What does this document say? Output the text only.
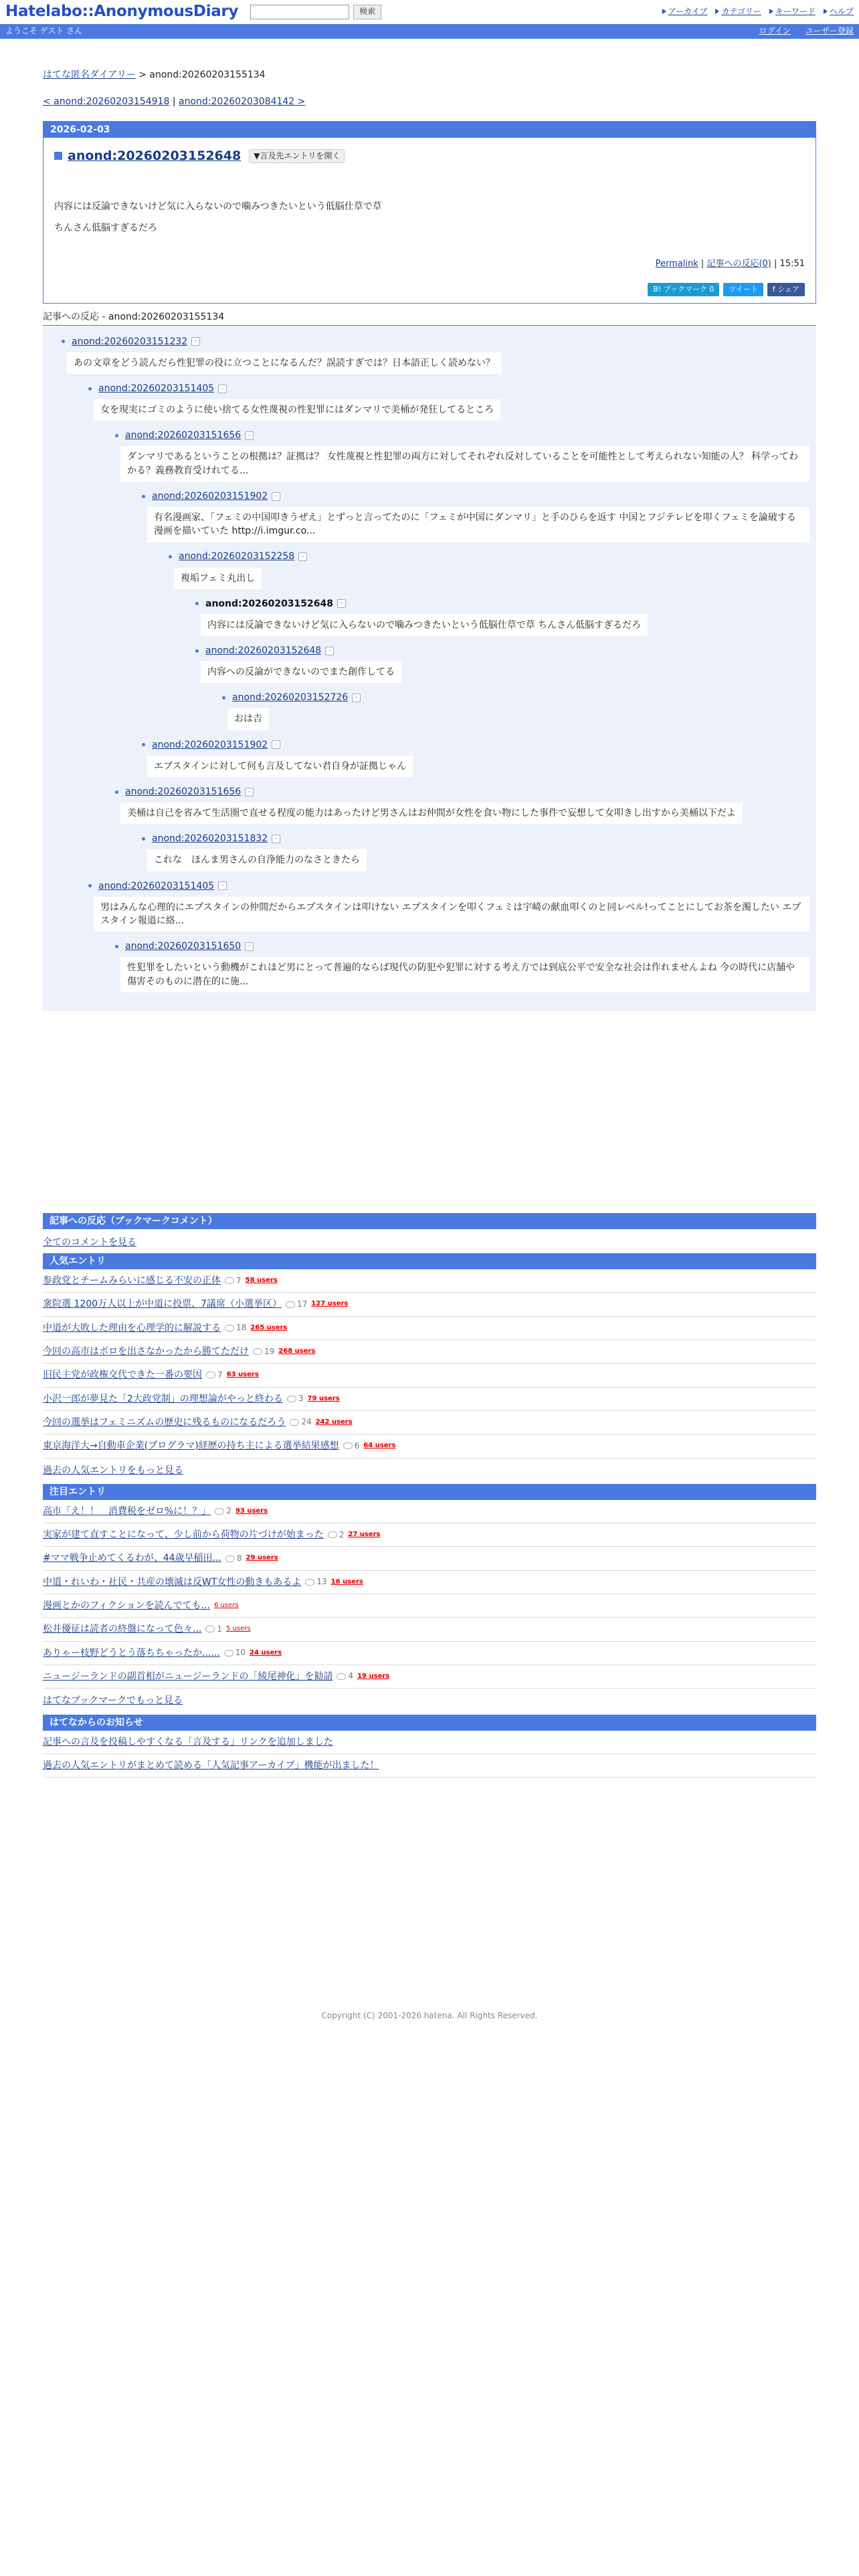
Hatelabo::AnonymousDiary	検索	アーカイブ	カテゴリー	キーワード	ヘルプ
ようこそ ゲスト さん	ログイン ユーザー登録
はてな匿名ダイアリー > anond:20260203155134
< anond:20260203154918 | anond:20260203084142 >
2026-02-03
anond:20260203152648	▼言及先エントリを開く

内容には反論できないけど気に入らないので噛みつきたいという低脳仕草で草

ちんさん低脳すぎるだろ

Permalink | 記事への反応(0) | 15:51
B! ブックマーク 0	ツイート	f シェア
記事への反応 - anond:20260203155134
anond:20260203151232	-
あの文章をどう読んだら性犯罪の役に立つことになるんだ？誤読すぎでは？日本語正しく読めない？
anond:20260203151405	-
女を現実にゴミのように使い捨てる女性蔑視の性犯罪にはダンマリで美桶が発狂してるところ
anond:20260203151656	-
ダンマリであるということの根拠は？証拠は？ 女性蔑視と性犯罪の両方に対してそれぞれ反対していることを可能性として考えられない知能の人？ 科学ってわかる？義務教育受けれてる...
anond:20260203151902	-
有名漫画家、「フェミの中国叩きうぜえ」とずっと言ってたのに「フェミが中国にダンマリ」と手のひらを返す 中国とフジテレビを叩くフェミを論破する漫画を描いていた http://i.imgur.co...
anond:20260203152258	-
複垢フェミ丸出し
anond:20260203152648	-
内容には反論できないけど気に入らないので噛みつきたいという低脳仕草で草 ちんさん低脳すぎるだろ
anond:20260203152648	-
内容への反論ができないのでまた創作してる
anond:20260203152726	-
おは𠮷
anond:20260203151902	-
エプスタインに対して何も言及してない君自身が証拠じゃん
anond:20260203151656	-
美桶は自己を省みて生活圏で直せる程度の能力はあったけど男さんはお仲間が女性を食い物にした事件で妄想して女叩きし出すから美桶以下だよ
anond:20260203151832	-
これな　ほんま男さんの自浄能力のなさときたら
anond:20260203151405	-
男はみんな心理的にエプスタインの仲間だからエプスタインは叩けない エプスタインを叩くフェミは宇崎の献血叩くのと同レベル!ってことにしてお茶を濁したい エプスタイン報道に絡...
anond:20260203151650	-
性犯罪をしたいという動機がこれほど男にとって普遍的ならば現代の防犯や犯罪に対する考え方では到底公平で安全な社会は作れませんよね 今の時代に店舗や傷害そのものに潜在的に施...
記事への反応（ブックマークコメント）
全てのコメントを見る
人気エントリ
参政党とチームみらいに感じる不安の正体 7 58 users
衆院選 1200万人以上が中道に投票、7議席（小選挙区） 17 127 users
中道が大敗した理由を心理学的に解説する 18 265 users
今回の高市はボロを出さなかったから勝てただけ 19 268 users
旧民主党が政権交代できた一番の要因 7 63 users
小沢一郎が夢見た「2大政党制」の理想論がやっと終わる 3 79 users
今回の選挙はフェミニズムの歴史に残るものになるだろう 24 242 users
東京海洋大→自動車企業(プログラマ)経歴の持ち主による選挙結果感想 6 64 users
過去の人気エントリをもっと見る
注目エントリ
高市「え！！　消費税をゼロ%に！？」 2 93 users
実家が建て直すことになって、少し前から荷物の片づけが始まった 2 27 users
#ママ戦争止めてくるわが、44歳早稲田... 8 29 users
中道・れいわ・社民・共産の壊滅は反WT女性の動きもあるよ 13 16 users
漫画とかのフィクションを読んでても... 6 users
松井優征は読者の終盤になって色々... 1 5 users
ありゃー枝野どうとう落ちちゃったか...... 10 24 users
ニュージーランドの副首相がニュージーランドの「綾尾神化」を勧請 4 19 users
はてなブックマークでもっと見る
はてなからのお知らせ
記事への言及を投稿しやすくなる「言及する」リンクを追加しました
過去の人気エントリがまとめて読める「人気記事アーカイブ」機能が出ました！
Copyright (C) 2001-2026 hatena. All Rights Reserved.
